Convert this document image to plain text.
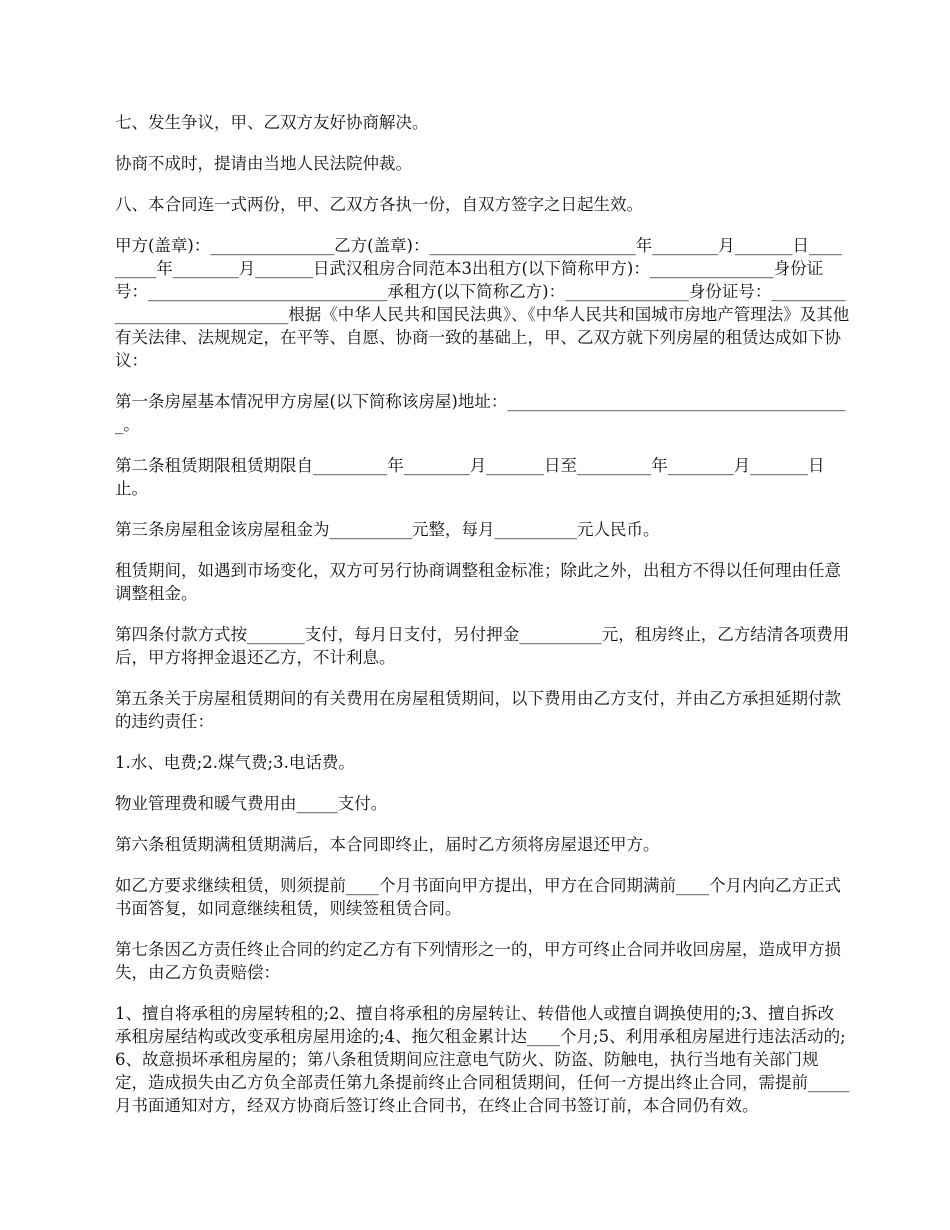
七、发生争议，甲、乙双方友好协商解决。

协商不成时，提请由当地人民法院仲裁。

八、本合同连一式两份，甲、乙双方各执一份，自双方签字之日起生效。

甲方(盖章)：_______________乙方(盖章)：_________________________年________月_______日_________年________月_______日武汉租房合同范本3出租方(以下简称甲方)：_______________身份证号：_____________________________承租方(以下简称乙方)：_______________身份证号：______________________________根据《中华人民共和国民法典》、《中华人民共和国城市房地产管理法》及其他有关法律、法规规定，在平等、自愿、协商一致的基础上，甲、乙双方就下列房屋的租赁达成如下协议：

第一条房屋基本情况甲方房屋(以下简称该房屋)地址：__________________________________________。

第二条租赁期限租赁期限自_________年________月_______日至_________年________月_______日止。

第三条房屋租金该房屋租金为__________元整，每月__________元人民币。

租赁期间，如遇到市场变化，双方可另行协商调整租金标准；除此之外，出租方不得以任何理由任意调整租金。

第四条付款方式按_______支付，每月日支付，另付押金__________元，租房终止，乙方结清各项费用后，甲方将押金退还乙方，不计利息。

第五条关于房屋租赁期间的有关费用在房屋租赁期间，以下费用由乙方支付，并由乙方承担延期付款的违约责任：

1.水、电费;2.煤气费;3.电话费。

物业管理费和暖气费用由_____支付。

第六条租赁期满租赁期满后，本合同即终止，届时乙方须将房屋退还甲方。

如乙方要求继续租赁，则须提前____个月书面向甲方提出，甲方在合同期满前____个月内向乙方正式书面答复，如同意继续租赁，则续签租赁合同。

第七条因乙方责任终止合同的约定乙方有下列情形之一的，甲方可终止合同并收回房屋，造成甲方损失，由乙方负责赔偿：

1、擅自将承租的房屋转租的;2、擅自将承租的房屋转让、转借他人或擅自调换使用的;3、擅自拆改承租房屋结构或改变承租房屋用途的;4、拖欠租金累计达____个月;5、利用承租房屋进行违法活动的;6、故意损坏承租房屋的；第八条租赁期间应注意电气防火、防盗、防触电，执行当地有关部门规定，造成损失由乙方负全部责任第九条提前终止合同租赁期间，任何一方提出终止合同，需提前_____月书面通知对方，经双方协商后签订终止合同书，在终止合同书签订前，本合同仍有效。
